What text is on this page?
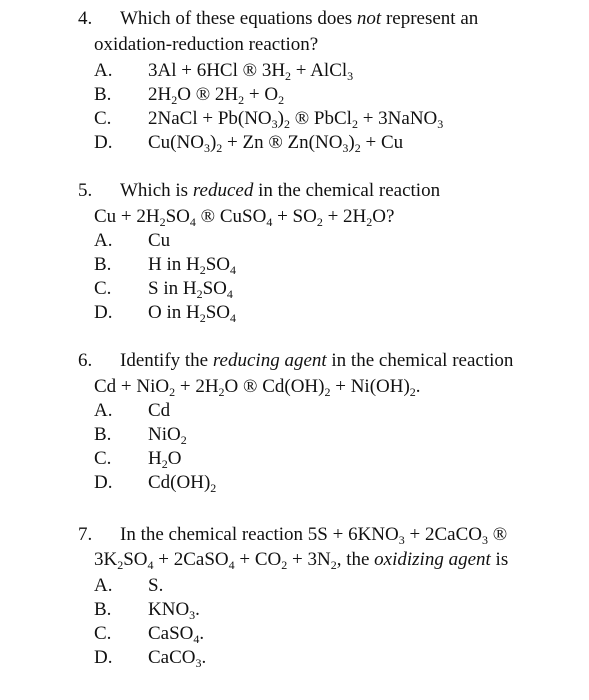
4. Which of these equations does not represent an
oxidation-reduction reaction?
A. 3Al + 6HCl ® $3H_2$ + AlCl$_3$
B. $2H_2O$ ® $2H_2 + O_2$
C. 2NaCl + $Pb(NO_3)_2$ ® PbCl$_2$ + 3NaNO$_3$
D. $Cu(NO_3)_2 + Zn$ ® $Zn(NO_3)_2 + Cu$
5. Which is reduced in the chemical reaction
$Cu + 2H_2SO_4$ ® CuSO$_4$ + $SO_2 + 2H_2O$?
A. Cu
B. H in $H_2SO_4$
C. S in $H_2SO_4$
D. O in $H_2SO_4$
6. Identify the reducing agent in the chemical reaction
$Cd + NiO_2 + 2H_2O$ ® $Cd(OH)_2 + Ni(OH)_2$.
A. Cd
B. NiO$_2$
C. $H_2O$
D. $Cd(OH)_2$
7. In the chemical reaction $5S + 6KNO_3$ + 2CaCO$_3$ ®
$3K_2SO_4$ + 2CaSO$_4$ + $CO_2 + 3N_2$, the oxidizing agent is
A. S.
B. $KNO_3$.
C. CaSO$_4$.
D. CaCO$_3$.
